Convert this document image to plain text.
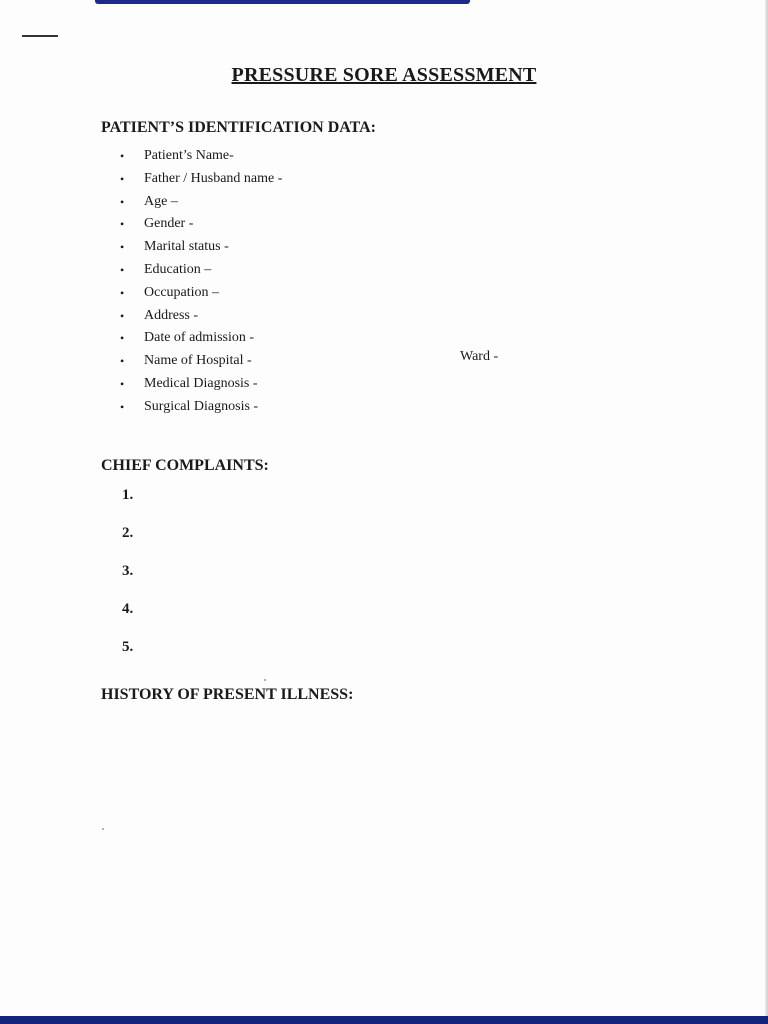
PRESSURE SORE ASSESSMENT
PATIENT’S IDENTIFICATION DATA:
• Patient’s Name-
• Father / Husband name -
• Age –
• Gender -
• Marital status -
• Education –
• Occupation –
• Address -
• Date of admission -
• Name of Hospital -
• Medical Diagnosis -
• Surgical Diagnosis -
Ward -
CHIEF COMPLAINTS:
1.
2.
3.
4.
5.
HISTORY OF PRESENT ILLNESS:
